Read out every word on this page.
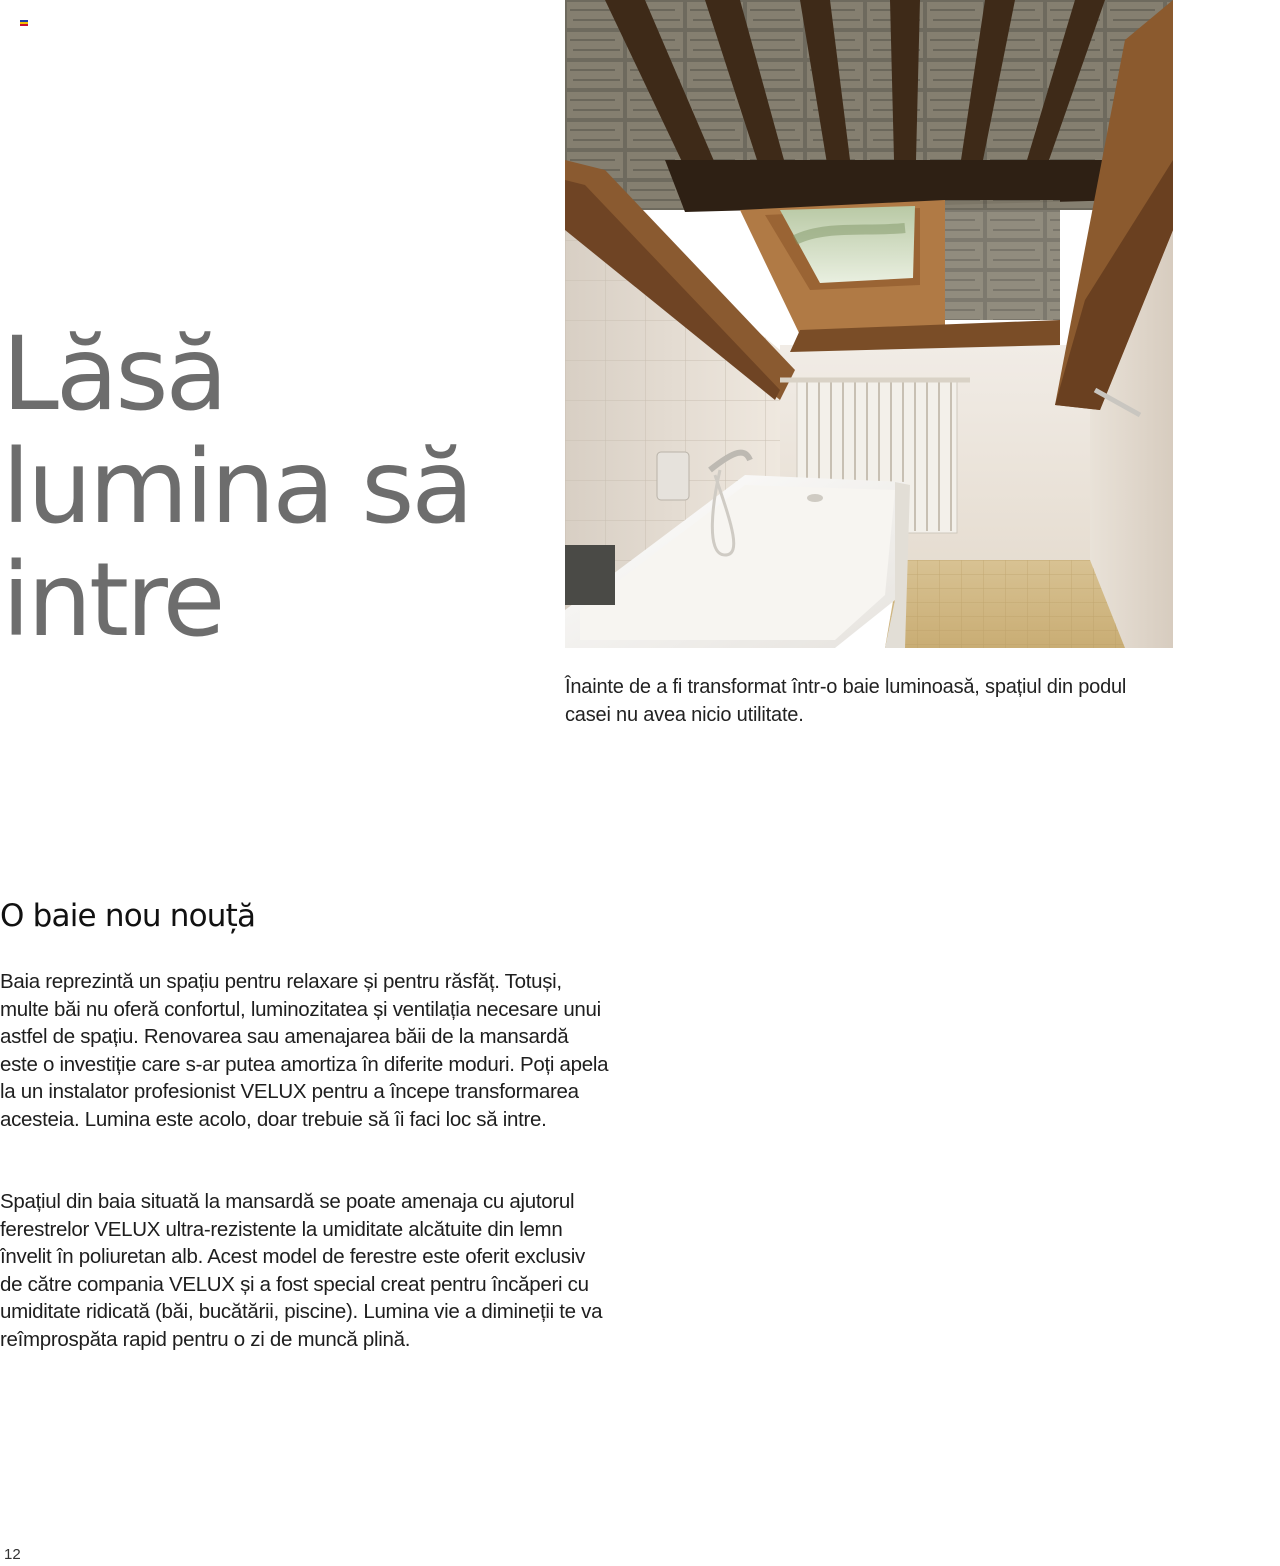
Lăsă
lumina să
intre

Înainte de a fi transformat într-o baie luminoasă, spațiul din podul casei nu avea nicio utilitate.

O baie nou nouță

Baia reprezintă un spațiu pentru relaxare și pentru răsfăț. Totuși, multe băi nu oferă confortul, luminozitatea și ventilația necesare unui astfel de spațiu. Renovarea sau amenajarea băii de la mansardă este o investiție care s-ar putea amortiza în diferite moduri. Poți apela la un instalator profesionist VELUX pentru a începe transformarea acesteia. Lumina este acolo, doar trebuie să îi faci loc să intre.

Spațiul din baia situată la mansardă se poate amenaja cu ajutorul ferestrelor VELUX ultra-rezistente la umiditate alcătuite din lemn învelit în poliuretan alb. Acest model de ferestre este oferit exclusiv de către compania VELUX și a fost special creat pentru încăperi cu umiditate ridicată (băi, bucătării, piscine). Lumina vie a dimineții te va reîmprospăta rapid pentru o zi de muncă plină.

12
